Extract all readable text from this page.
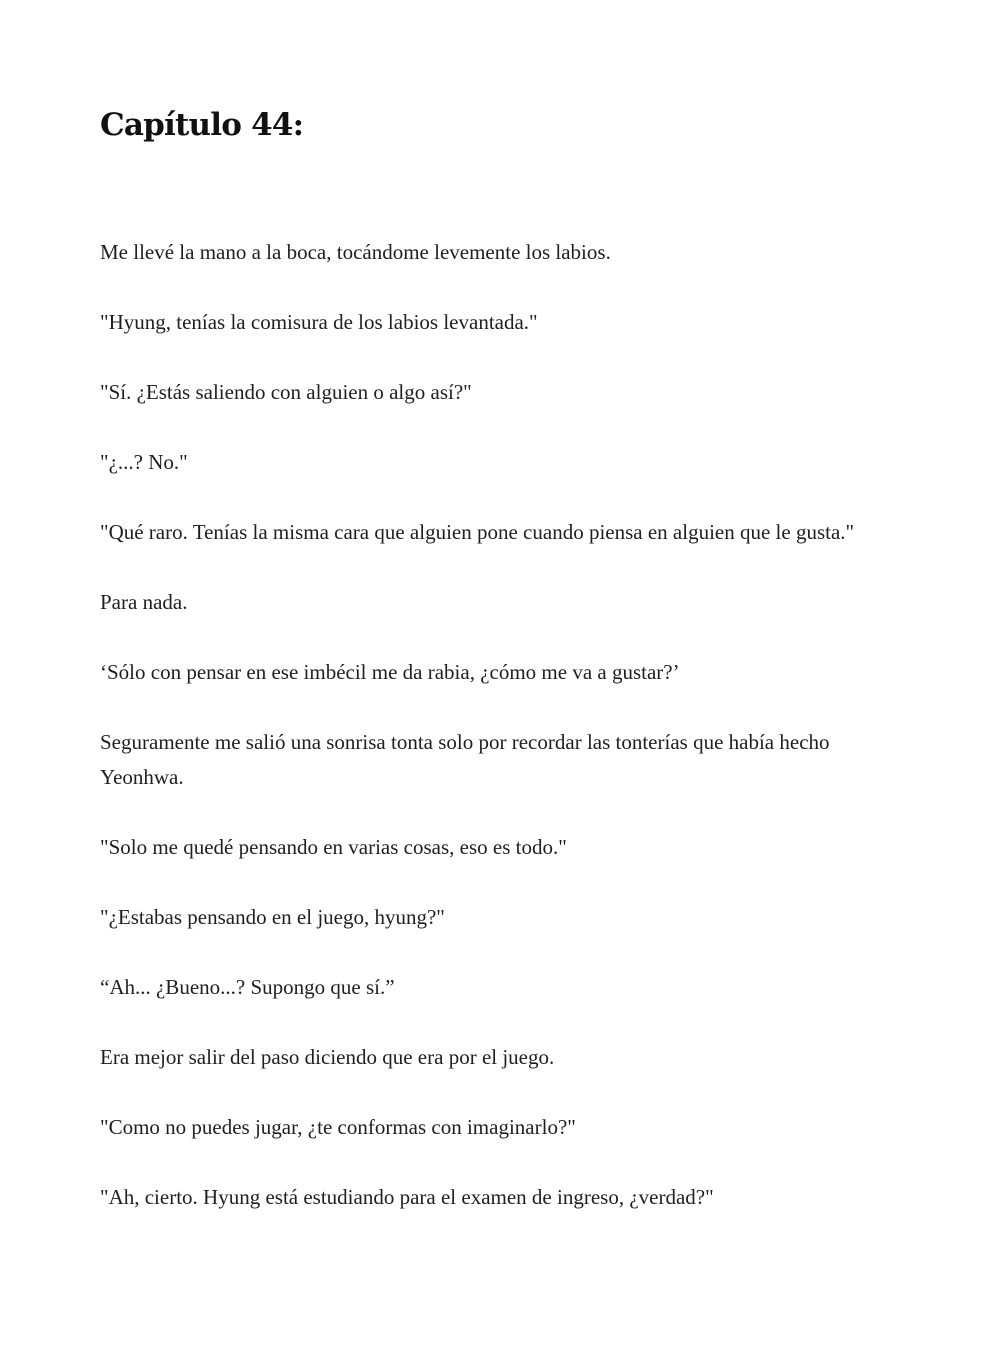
Capítulo 44:

Me llevé la mano a la boca, tocándome levemente los labios.

"Hyung, tenías la comisura de los labios levantada."

"Sí. ¿Estás saliendo con alguien o algo así?"

"¿...? No."

"Qué raro. Tenías la misma cara que alguien pone cuando piensa en alguien que le gusta."

Para nada.

‘Sólo con pensar en ese imbécil me da rabia, ¿cómo me va a gustar?’

Seguramente me salió una sonrisa tonta solo por recordar las tonterías que había hecho Yeonhwa.

"Solo me quedé pensando en varias cosas, eso es todo."

"¿Estabas pensando en el juego, hyung?"

“Ah... ¿Bueno...? Supongo que sí.”

Era mejor salir del paso diciendo que era por el juego.

"Como no puedes jugar, ¿te conformas con imaginarlo?"

"Ah, cierto. Hyung está estudiando para el examen de ingreso, ¿verdad?"
